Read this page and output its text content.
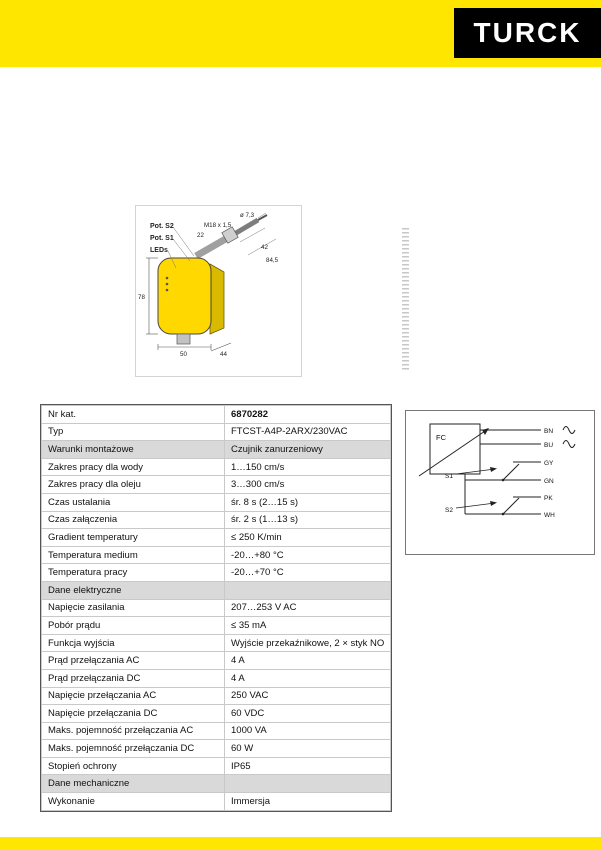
TURCK
Pot. S2
Pot. S1
LEDs
ø 7,3
M18 x 1,5
22
42
84,5
78
50	44
Nr kat.	6870282
Typ	FTCST-A4P-2ARX/230VAC
Warunki montażowe	Czujnik zanurzeniowy
Zakres pracy dla wody	1…150 cm/s
Zakres pracy dla oleju	3…300 cm/s
Czas ustalania	śr. 8 s (2…15 s)
Czas załączenia	śr. 2 s (1…13 s)
Gradient temperatury	≤ 250 K/min
Temperatura medium	-20…+80 °C
Temperatura pracy	-20…+70 °C
Dane elektryczne	
Napięcie zasilania	207…253 V AC
Pobór prądu	≤ 35 mA
Funkcja wyjścia	Wyjście przekaźnikowe, 2 × styk NO
Prąd przełączania AC	4 A
Prąd przełączania DC	4 A
Napięcie przełączania AC	250 VAC
Napięcie przełączania DC	60 VDC
Maks. pojemność przełączania AC	1000 VA
Maks. pojemność przełączania DC	60 W
Stopień ochrony	IP65
Dane mechaniczne	
Wykonanie	Immersja
FC
BN
BU
GY
GN
S1
PK
WH
S2
